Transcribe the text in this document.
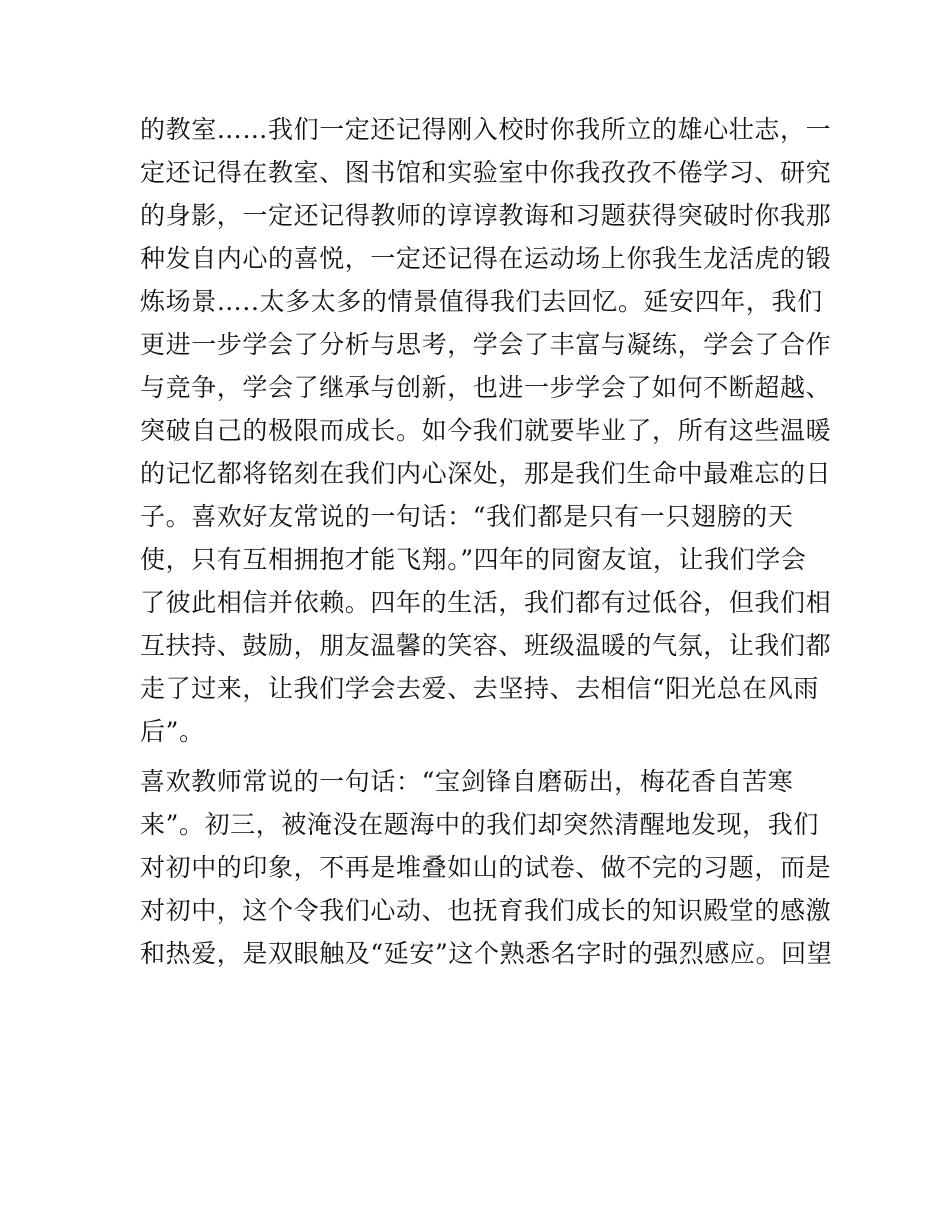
的教室……我们一定还记得刚入校时你我所立的雄心壮志，一
定还记得在教室、图书馆和实验室中你我孜孜不倦学习、研究
的身影，一定还记得教师的谆谆教诲和习题获得突破时你我那
种发自内心的喜悦，一定还记得在运动场上你我生龙活虎的锻
炼场景…..太多太多的情景值得我们去回忆。延安四年，我们
更进一步学会了分析与思考，学会了丰富与凝练，学会了合作
与竞争，学会了继承与创新，也进一步学会了如何不断超越、
突破自己的极限而成长。如今我们就要毕业了，所有这些温暖
的记忆都将铭刻在我们内心深处，那是我们生命中最难忘的日
子。喜欢好友常说的一句话：“我们都是只有一只翅膀的天
使，只有互相拥抱才能飞翔。”四年的同窗友谊，让我们学会
了彼此相信并依赖。四年的生活，我们都有过低谷，但我们相
互扶持、鼓励，朋友温馨的笑容、班级温暖的气氛，让我们都
走了过来，让我们学会去爱、去坚持、去相信“阳光总在风雨
后”。
喜欢教师常说的一句话：“宝剑锋自磨砺出，梅花香自苦寒
来”。初三，被淹没在题海中的我们却突然清醒地发现，我们
对初中的印象，不再是堆叠如山的试卷、做不完的习题，而是
对初中，这个令我们心动、也抚育我们成长的知识殿堂的感激
和热爱，是双眼触及“延安”这个熟悉名字时的强烈感应。回望
